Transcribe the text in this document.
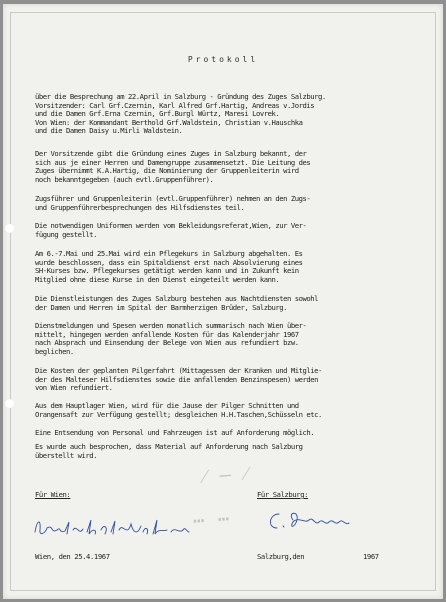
⁄ — ⁄
⋯ ⋯
Protokoll
über die Besprechung am 22.April in Salzburg - Gründung des Zuges Salzburg.
Vorsitzender: Carl Grf.Czernin, Karl Alfred Grf.Hartig, Andreas v.Jordis
und die Damen Grf.Erna Czernin, Grf.Burgl Würtz, Maresi Lovrek.
Von Wien: der Kommandant Berthold Grf.Waldstein, Christian v.Hauschka
und die Damen Daisy u.Mirli Waldstein.
Der Vorsitzende gibt die Gründung eines Zuges in Salzburg bekannt, der
sich aus je einer Herren und Damengruppe zusammensetzt. Die Leitung des
Zuges übernimmt K.A.Hartig, die Nominierung der Gruppenleiterin wird
noch bekanntgegeben (auch evtl.Gruppenführer).
Zugsführer und Gruppenleiterin (evtl.Gruppenführer) nehmen an den Zugs-
und Gruppenführerbesprechungen des Hilfsdienstes teil.
Die notwendigen Uniformen werden vom Bekleidungsreferat,Wien, zur Ver-
fügung gestellt.
Am 6.-7.Mai und 25.Mai wird ein Pflegekurs in Salzburg abgehalten. Es
wurde beschlossen, dass ein Spitaldienst erst nach Absolvierung eines
SH-Kurses bzw. Pflegekurses getätigt werden kann und in Zukunft kein
Mitglied ohne diese Kurse in den Dienst eingeteilt werden kann.
Die Dienstleistungen des Zuges Salzburg bestehen aus Nachtdiensten sowohl
der Damen und Herren im Spital der Barmherzigen Brüder, Salzburg.
Dienstmeldungen und Spesen werden monatlich summarisch nach Wien über-
mittelt, hingegen werden anfallende Kosten für das Kalenderjahr 1967
nach Absprach und Einsendung der Belege von Wien aus refundiert bzw.
beglichen.
Die Kosten der geplanten Pilgerfahrt (Mittagessen der Kranken und Mitglie-
der des Malteser Hilfsdienstes sowie die anfallenden Benzinspesen) werden
von Wien refundiert.
Aus dem Hauptlager Wien, wird für die Jause der Pilger Schnitten und
Orangensaft zur Verfügung gestellt; desgleichen H.H.Taschen,Schüsseln etc.
Eine Entsendung von Personal und Fahrzeugen ist auf Anforderung möglich.
Es wurde auch besprochen, dass Material auf Anforderung nach Salzburg
überstellt wird.
Für Wien:	Für Salzburg:
Wien, den 25.4.1967	Salzburg,den	1967
